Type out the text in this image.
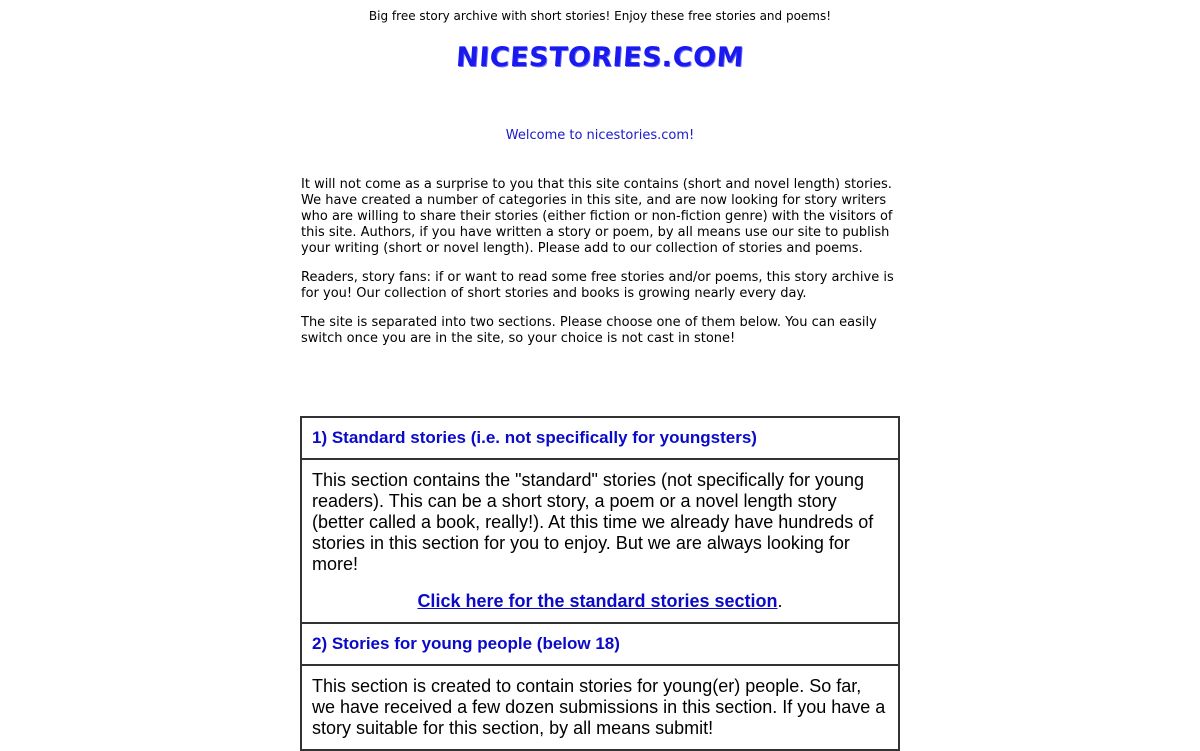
Big free story archive with short stories! Enjoy these free stories and poems!
NICESTORIES.COM
Welcome to nicestories.com!

It will not come as a surprise to you that this site contains (short and novel length) stories. We have created a number of categories in this site, and are now looking for story writers who are willing to share their stories (either fiction or non-fiction genre) with the visitors of this site. Authors, if you have written a story or poem, by all means use our site to publish your writing (short or novel length). Please add to our collection of stories and poems.

Readers, story fans: if or want to read some free stories and/or poems, this story archive is for you! Our collection of short stories and books is growing nearly every day.

The site is separated into two sections. Please choose one of them below. You can easily switch once you are in the site, so your choice is not cast in stone!

1) Standard stories (i.e. not specifically for youngsters)

This section contains the "standard" stories (not specifically for young readers). This can be a short story, a poem or a novel length story (better called a book, really!). At this time we already have hundreds of stories in this section for you to enjoy. But we are always looking for more!

Click here for the standard stories section.

2) Stories for young people (below 18)

This section is created to contain stories for young(er) people. So far, we have received a few dozen submissions in this section. If you have a story suitable for this section, by all means submit!
